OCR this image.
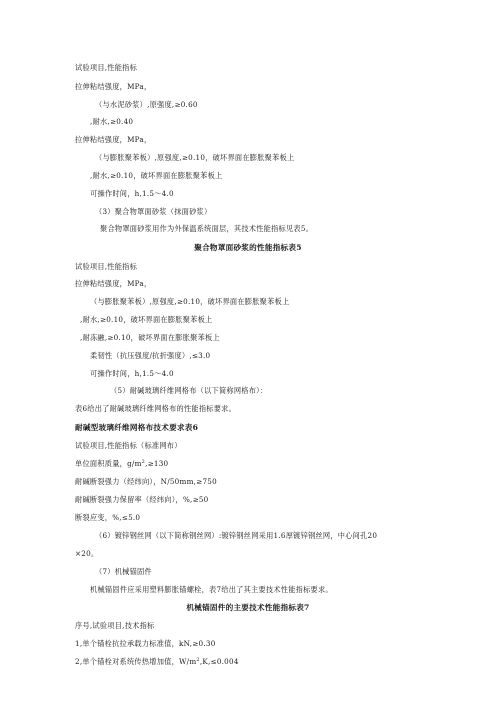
试验项目,性能指标
拉伸粘结强度，MPa，
（与水泥砂浆）,原强度,≥0.60
,耐水,≥0.40
拉伸粘结强度，MPa，
（与膨胀聚苯板）,原强度,≥0.10，破坏界面在膨胀聚苯板上
,耐水,≥0.10，破坏界面在膨胀聚苯板上
可操作时间，h,1.5〜4.0
（3）聚合物罩面砂浆（抹面砂浆）
聚合物罩面砂浆用作为外保温系统面层，其技术性能指标见表5。
聚合物罩面砂浆的性能指标表5
试验项目,性能指标
拉伸粘结强度，MPa，
（与膨胀聚苯板）,原强度,≥0.10，破坏界面在膨胀聚苯板上
,耐水,≥0.10，破坏界面在膨胀聚苯板上
,耐冻融,≥0.10，破坏界面在膨胀聚苯板上
柔韧性（抗压强度/抗折强度）,≤3.0
可操作时间，h,1.5〜4.0
（5）耐碱玻璃纤维网格布（以下简称网格布）：
表6给出了耐碱玻璃纤维网格布的性能指标要求。
耐碱型玻璃纤维网格布技术要求表6
试验项目,性能指标（标准网布）
单位面积质量，$g/m^2,\ge 130$
耐碱断裂强力（经纬向），N/50mm,≥750
耐碱断裂强力保留率（经纬向），%,≥50
断裂应变，%,≤5.0
（6）镀锌钢丝网（以下简称钢丝网）:镀锌钢丝网采用1.6厚镀锌钢丝网，中心间孔20
×20。
（7）机械锚固件
机械锚固件应采用塑料膨胀锚螺栓，表7给出了其主要技术性能指标要求。
机械锚固件的主要技术性能指标表7
序号,试验项目,技术指标
1,单个锚栓抗拉承载力标准值，kN,≥0.30
2,单个锚栓对系统传热增加值，$W/m^2,K,\le 0.004$
